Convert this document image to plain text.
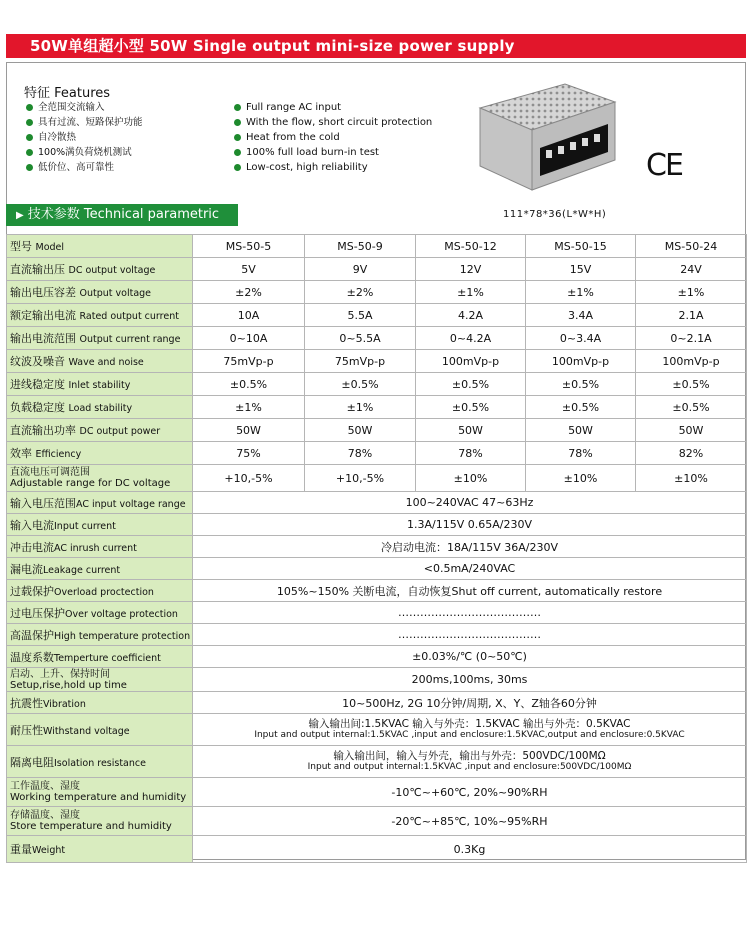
50W单组超小型 50W Single output mini-size power supply
特征 Features
全范围交流输入
具有过流、短路保护功能
自冷散热
100%满负荷烧机测试
低价位、高可靠性
Full range AC input
With the flow, short circuit protection
Heat from the cold
100% full load burn-in test
Low-cost, high reliability	CE
▶ 技术参数 Technical parametric	111*78*36(L*W*H)
型号 Model	MS-50-5	MS-50-9	MS-50-12	MS-50-15	MS-50-24
直流输出压 DC output voltage	5V	9V	12V	15V	24V
输出电压容差 Output voltage	±2%	±2%	±1%	±1%	±1%
额定输出电流 Rated output current	10A	5.5A	4.2A	3.4A	2.1A
输出电流范围 Output current range	0~10A	0~5.5A	0~4.2A	0~3.4A	0~2.1A
纹波及噪音 Wave and noise	75mVp-p	75mVp-p	100mVp-p	100mVp-p	100mVp-p
进线稳定度 Inlet stability	±0.5%	±0.5%	±0.5%	±0.5%	±0.5%
负载稳定度 Load stability	±1%	±1%	±0.5%	±0.5%	±0.5%
直流输出功率 DC output power	50W	50W	50W	50W	50W
效率 Efficiency	75%	78%	78%	78%	82%

直流电压可调范围
Adjustable range for DC voltage	+10,-5%	+10,-5%	±10%	±10%	±10%
输入电压范围AC input voltage range	100~240VAC 47~63Hz				
输入电流Input current	1.3A/115V 0.65A/230V				
冲击电流AC inrush current	冷启动电流：18A/115V 36A/230V				
漏电流Leakage current	<0.5mA/240VAC				
过载保护Overload proctection	105%~150% 关断电流，自动恢复Shut off current, automatically restore				
过电压保护Over voltage protection	…………………………………				
高温保护High temperature protection	…………………………………				
温度系数Temperture coefficient	±0.03%/℃ (0~50℃)				

启动、上升、保持时间
Setup,rise,hold up time	200ms,100ms, 30ms				
抗震性Vibration	10~500Hz, 2G 10分钟/周期, X、Y、Z轴各60分钟				
耐压性Withstand voltage	输入输出间:1.5KVAC 输入与外壳：1.5KVAC 输出与外壳：0.5KVAC
Input and output internal:1.5KVAC ,input and enclosure:1.5KVAC,output and enclosure:0.5KVAC				

隔离电阻Isolation resistance	输入输出间，输入与外壳，输出与外壳：500VDC/100MΩ
Input and output internal:1.5KVAC ,input and enclosure:500VDC/100MΩ				

工作温度、湿度
Working temperature and humidity	-10℃~+60℃, 20%~90%RH				

存储温度、湿度
Store temperature and humidity	-20℃~+85℃, 10%~95%RH				
重量Weight	0.3Kg				
